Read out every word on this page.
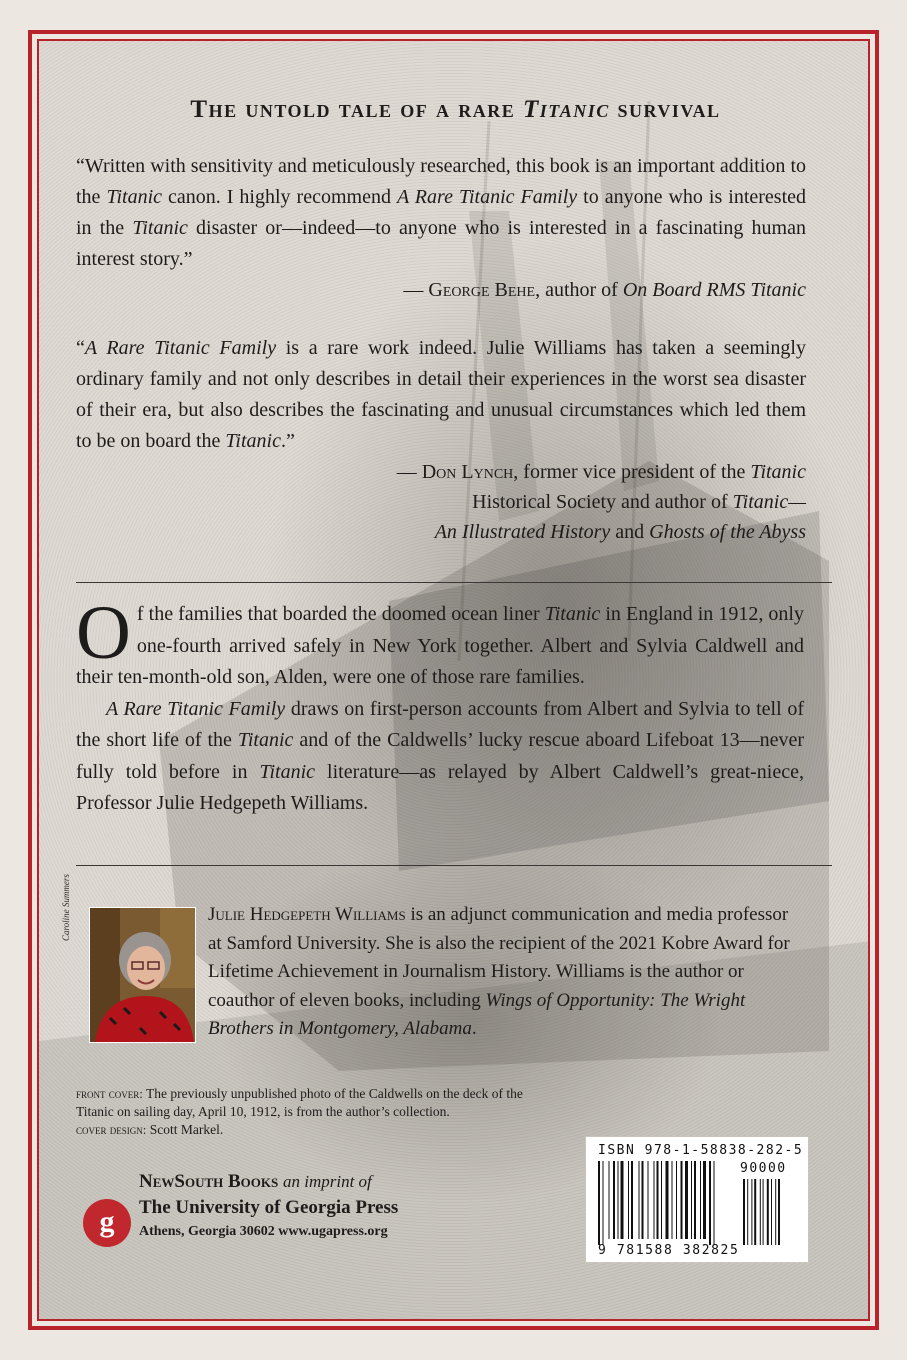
The untold tale of a rare Titanic survival
“Written with sensitivity and meticulously researched, this book is an important addition to the Titanic canon. I highly recommend A Rare Titanic Family to anyone who is interested in the Titanic disaster or—indeed—to anyone who is interested in a fascinating human interest story.”
— George Behe, author of On Board RMS Titanic
“A Rare Titanic Family is a rare work indeed. Julie Williams has taken a seemingly ordinary family and not only describes in detail their experiences in the worst sea disaster of their era, but also describes the fascinating and unusual circumstances which led them to be on board the Titanic.”
— Don Lynch, former vice president of the Titanic
Historical Society and author of Titanic—
An Illustrated History and Ghosts of the Abyss

Of the families that boarded the doomed ocean liner Titanic in England in 1912, only one-fourth arrived safely in New York together. Albert and Sylvia Caldwell and their ten-month-old son, Alden, were one of those rare families.

A Rare Titanic Family draws on first-person accounts from Albert and Sylvia to tell of the short life of the Titanic and of the Caldwells’ lucky rescue aboard Lifeboat 13—never fully told before in Titanic literature—as relayed by Albert Caldwell’s great-niece, Professor Julie Hedgepeth Williams.

Caroline Summers	Julie Hedgepeth Williams is an adjunct communication and media professor at Samford University. She is also the recipient of the 2021 Kobre Award for Lifetime Achievement in Journalism History. Williams is the author or coauthor of eleven books, including Wings of Opportunity: The Wright Brothers in Montgomery, Alabama.
front cover: The previously unpublished photo of the Caldwells on the deck of the Titanic on sailing day, April 10, 1912, is from the author’s collection.
cover design: Scott Markel.
g
NewSouth Books an imprint of
The University of Georgia Press
Athens, Georgia 30602 www.ugapress.org
ISBN 978-1-58838-282-5
90000
9 781588 382825
